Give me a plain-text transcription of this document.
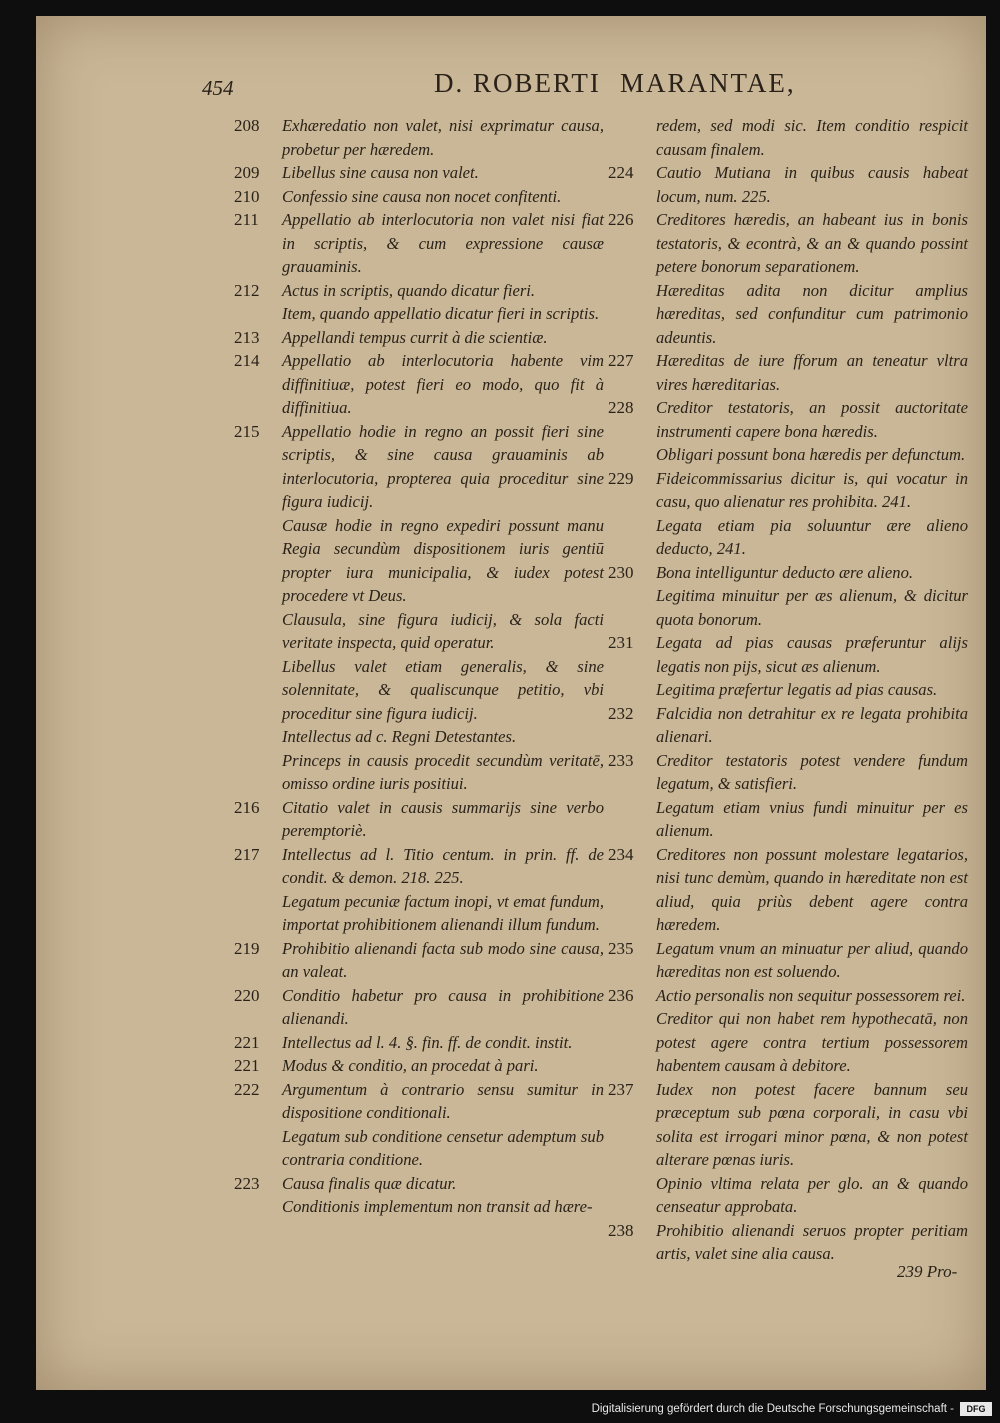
454	D. ROBERTI MARANTAE,
208 Exhæredatio non valet, nisi exprimatur causa, probetur per hæredem.
209 Libellus sine causa non valet.
210 Confessio sine causa non nocet confitenti.
211 Appellatio ab interlocutoria non valet nisi fiat in scriptis, & cum expressione causæ grauaminis.
212 Actus in scriptis, quando dicatur fieri.
Item, quando appellatio dicatur fieri in scriptis.
213 Appellandi tempus currit à die scientiæ.
214 Appellatio ab interlocutoria habente vim diffinitiuæ, potest fieri eo modo, quo fit à diffinitiua.
215 Appellatio hodie in regno an possit fieri sine scriptis, & sine causa grauaminis ab interlocutoria, propterea quia proceditur sine figura iudicij.
Causæ hodie in regno expediri possunt manu Regia secundùm dispositionem iuris gentiū propter iura municipalia, & iudex potest procedere vt Deus.
Clausula, sine figura iudicij, & sola facti veritate inspecta, quid operatur.
Libellus valet etiam generalis, & sine solennitate, & qualiscunque petitio, vbi proceditur sine figura iudicij.
Intellectus ad c. Regni Detestantes.
Princeps in causis procedit secundùm veritatē, omisso ordine iuris positiui.
216 Citatio valet in causis summarijs sine verbo peremptoriè.
217 Intellectus ad l. Titio centum. in prin. ff. de condit. & demon. 218. 225.
Legatum pecuniæ factum inopi, vt emat fundum, importat prohibitionem alienandi illum fundum.
219 Prohibitio alienandi facta sub modo sine causa, an valeat.
220 Conditio habetur pro causa in prohibitione alienandi.
221 Intellectus ad l. 4. §. fin. ff. de condit. instit.
221 Modus & conditio, an procedat à pari.
222 Argumentum à contrario sensu sumitur in dispositione conditionali.
Legatum sub conditione censetur ademptum sub contraria conditione.
223 Causa finalis quæ dicatur.
Conditionis implementum non transit ad hære-
redem, sed modi sic. Item conditio respicit causam finalem.
224 Cautio Mutiana in quibus causis habeat locum, num. 225.
226 Creditores hæredis, an habeant ius in bonis testatoris, & econtrà, & an & quando possint petere bonorum separationem.
Hæreditas adita non dicitur amplius hæreditas, sed confunditur cum patrimonio adeuntis.
227 Hæreditas de iure fforum an teneatur vltra vires hæreditarias.
228 Creditor testatoris, an possit auctoritate instrumenti capere bona hæredis.
Obligari possunt bona hæredis per defunctum.
229 Fideicommissarius dicitur is, qui vocatur in casu, quo alienatur res prohibita. 241.
Legata etiam pia soluuntur ære alieno deducto, 241.
230 Bona intelliguntur deducto ære alieno.
Legitima minuitur per æs alienum, & dicitur quota bonorum.
231 Legata ad pias causas præferuntur alijs legatis non pijs, sicut æs alienum.
Legitima præfertur legatis ad pias causas.
232 Falcidia non detrahitur ex re legata prohibita alienari.
233 Creditor testatoris potest vendere fundum legatum, & satisfieri.
Legatum etiam vnius fundi minuitur per es alienum.
234 Creditores non possunt molestare legatarios, nisi tunc demùm, quando in hæreditate non est aliud, quia priùs debent agere contra hæredem.
235 Legatum vnum an minuatur per aliud, quando hæreditas non est soluendo.
236 Actio personalis non sequitur possessorem rei.
Creditor qui non habet rem hypothecatā, non potest agere contra tertium possessorem habentem causam à debitore.
237 Iudex non potest facere bannum seu præceptum sub pœna corporali, in casu vbi solita est irrogari minor pœna, & non potest alterare pœnas iuris.
Opinio vltima relata per glo. an & quando censeatur approbata.
238 Prohibitio alienandi seruos propter peritiam artis, valet sine alia causa.
239 Pro-
Digitalisierung gefördert durch die Deutsche Forschungsgemeinschaft -	DFG
